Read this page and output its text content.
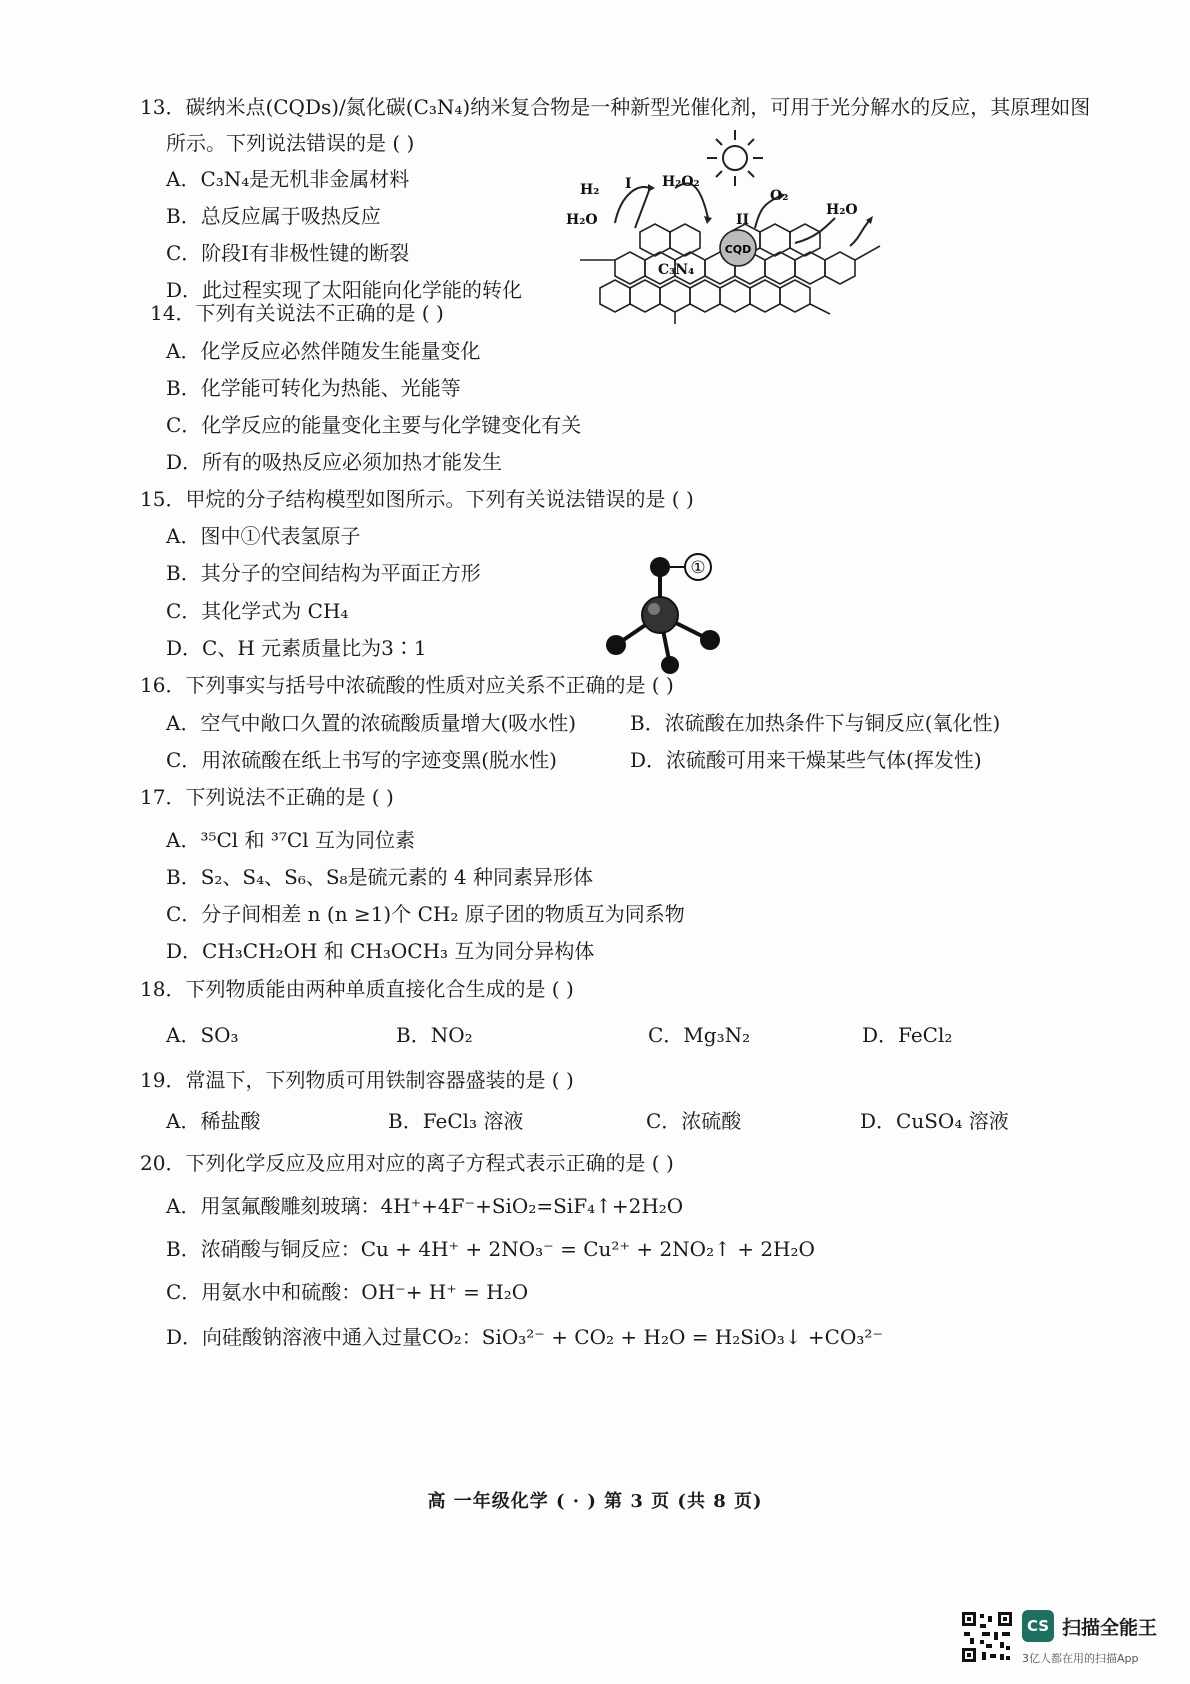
13．碳纳米点(CQDs)/氮化碳(C₃N₄)纳米复合物是一种新型光催化剂，可用于光分解水的反应，其原理如图
所示。下列说法错误的是 ( )
A．C₃N₄是无机非金属材料
B．总反应属于吸热反应
C．阶段I有非极性键的断裂
D．此过程实现了太阳能向化学能的转化
CQD
H₂ I H₂O₂
O₂
H₂O
H₂O
II
C₃N₄
14．下列有关说法不正确的是 ( )
A．化学反应必然伴随发生能量变化
B．化学能可转化为热能、光能等
C．化学反应的能量变化主要与化学键变化有关
D．所有的吸热反应必须加热才能发生
15．甲烷的分子结构模型如图所示。下列有关说法错误的是 ( )
A．图中①代表氢原子
B．其分子的空间结构为平面正方形
C．其化学式为 CH₄
D．C、H 元素质量比为3∶1
①
16．下列事实与括号中浓硫酸的性质对应关系不正确的是 ( )
A．空气中敞口久置的浓硫酸质量增大(吸水性)	B．浓硫酸在加热条件下与铜反应(氧化性)
C．用浓硫酸在纸上书写的字迹变黑(脱水性)	D．浓硫酸可用来干燥某些气体(挥发性)
17．下列说法不正确的是 ( )
A．³⁵Cl 和 ³⁷Cl 互为同位素
B．S₂、S₄、S₆、S₈是硫元素的 4 种同素异形体
C．分子间相差 n (n ≥1)个 CH₂ 原子团的物质互为同系物
D．CH₃CH₂OH 和 CH₃OCH₃ 互为同分异构体
18．下列物质能由两种单质直接化合生成的是 ( )
A．SO₃	B．NO₂	C．Mg₃N₂	D．FeCl₂
19．常温下，下列物质可用铁制容器盛装的是 ( )
A．稀盐酸	B．FeCl₃ 溶液	C．浓硫酸	D．CuSO₄ 溶液
20．下列化学反应及应用对应的离子方程式表示正确的是 ( )
A．用氢氟酸雕刻玻璃：4H⁺+4F⁻+SiO₂=SiF₄↑+2H₂O
B．浓硝酸与铜反应：Cu + 4H⁺ + 2NO₃⁻ = Cu²⁺ + 2NO₂↑ + 2H₂O
C．用氨水中和硫酸：OH⁻+ H⁺ = H₂O
D．向硅酸钠溶液中通入过量CO₂：SiO₃²⁻ + CO₂ + H₂O = H₂SiO₃↓ +CO₃²⁻
高 一年级化学 ( · ) 第 3 页 (共 8 页)
CS 扫描全能王
3亿人都在用的扫描App
